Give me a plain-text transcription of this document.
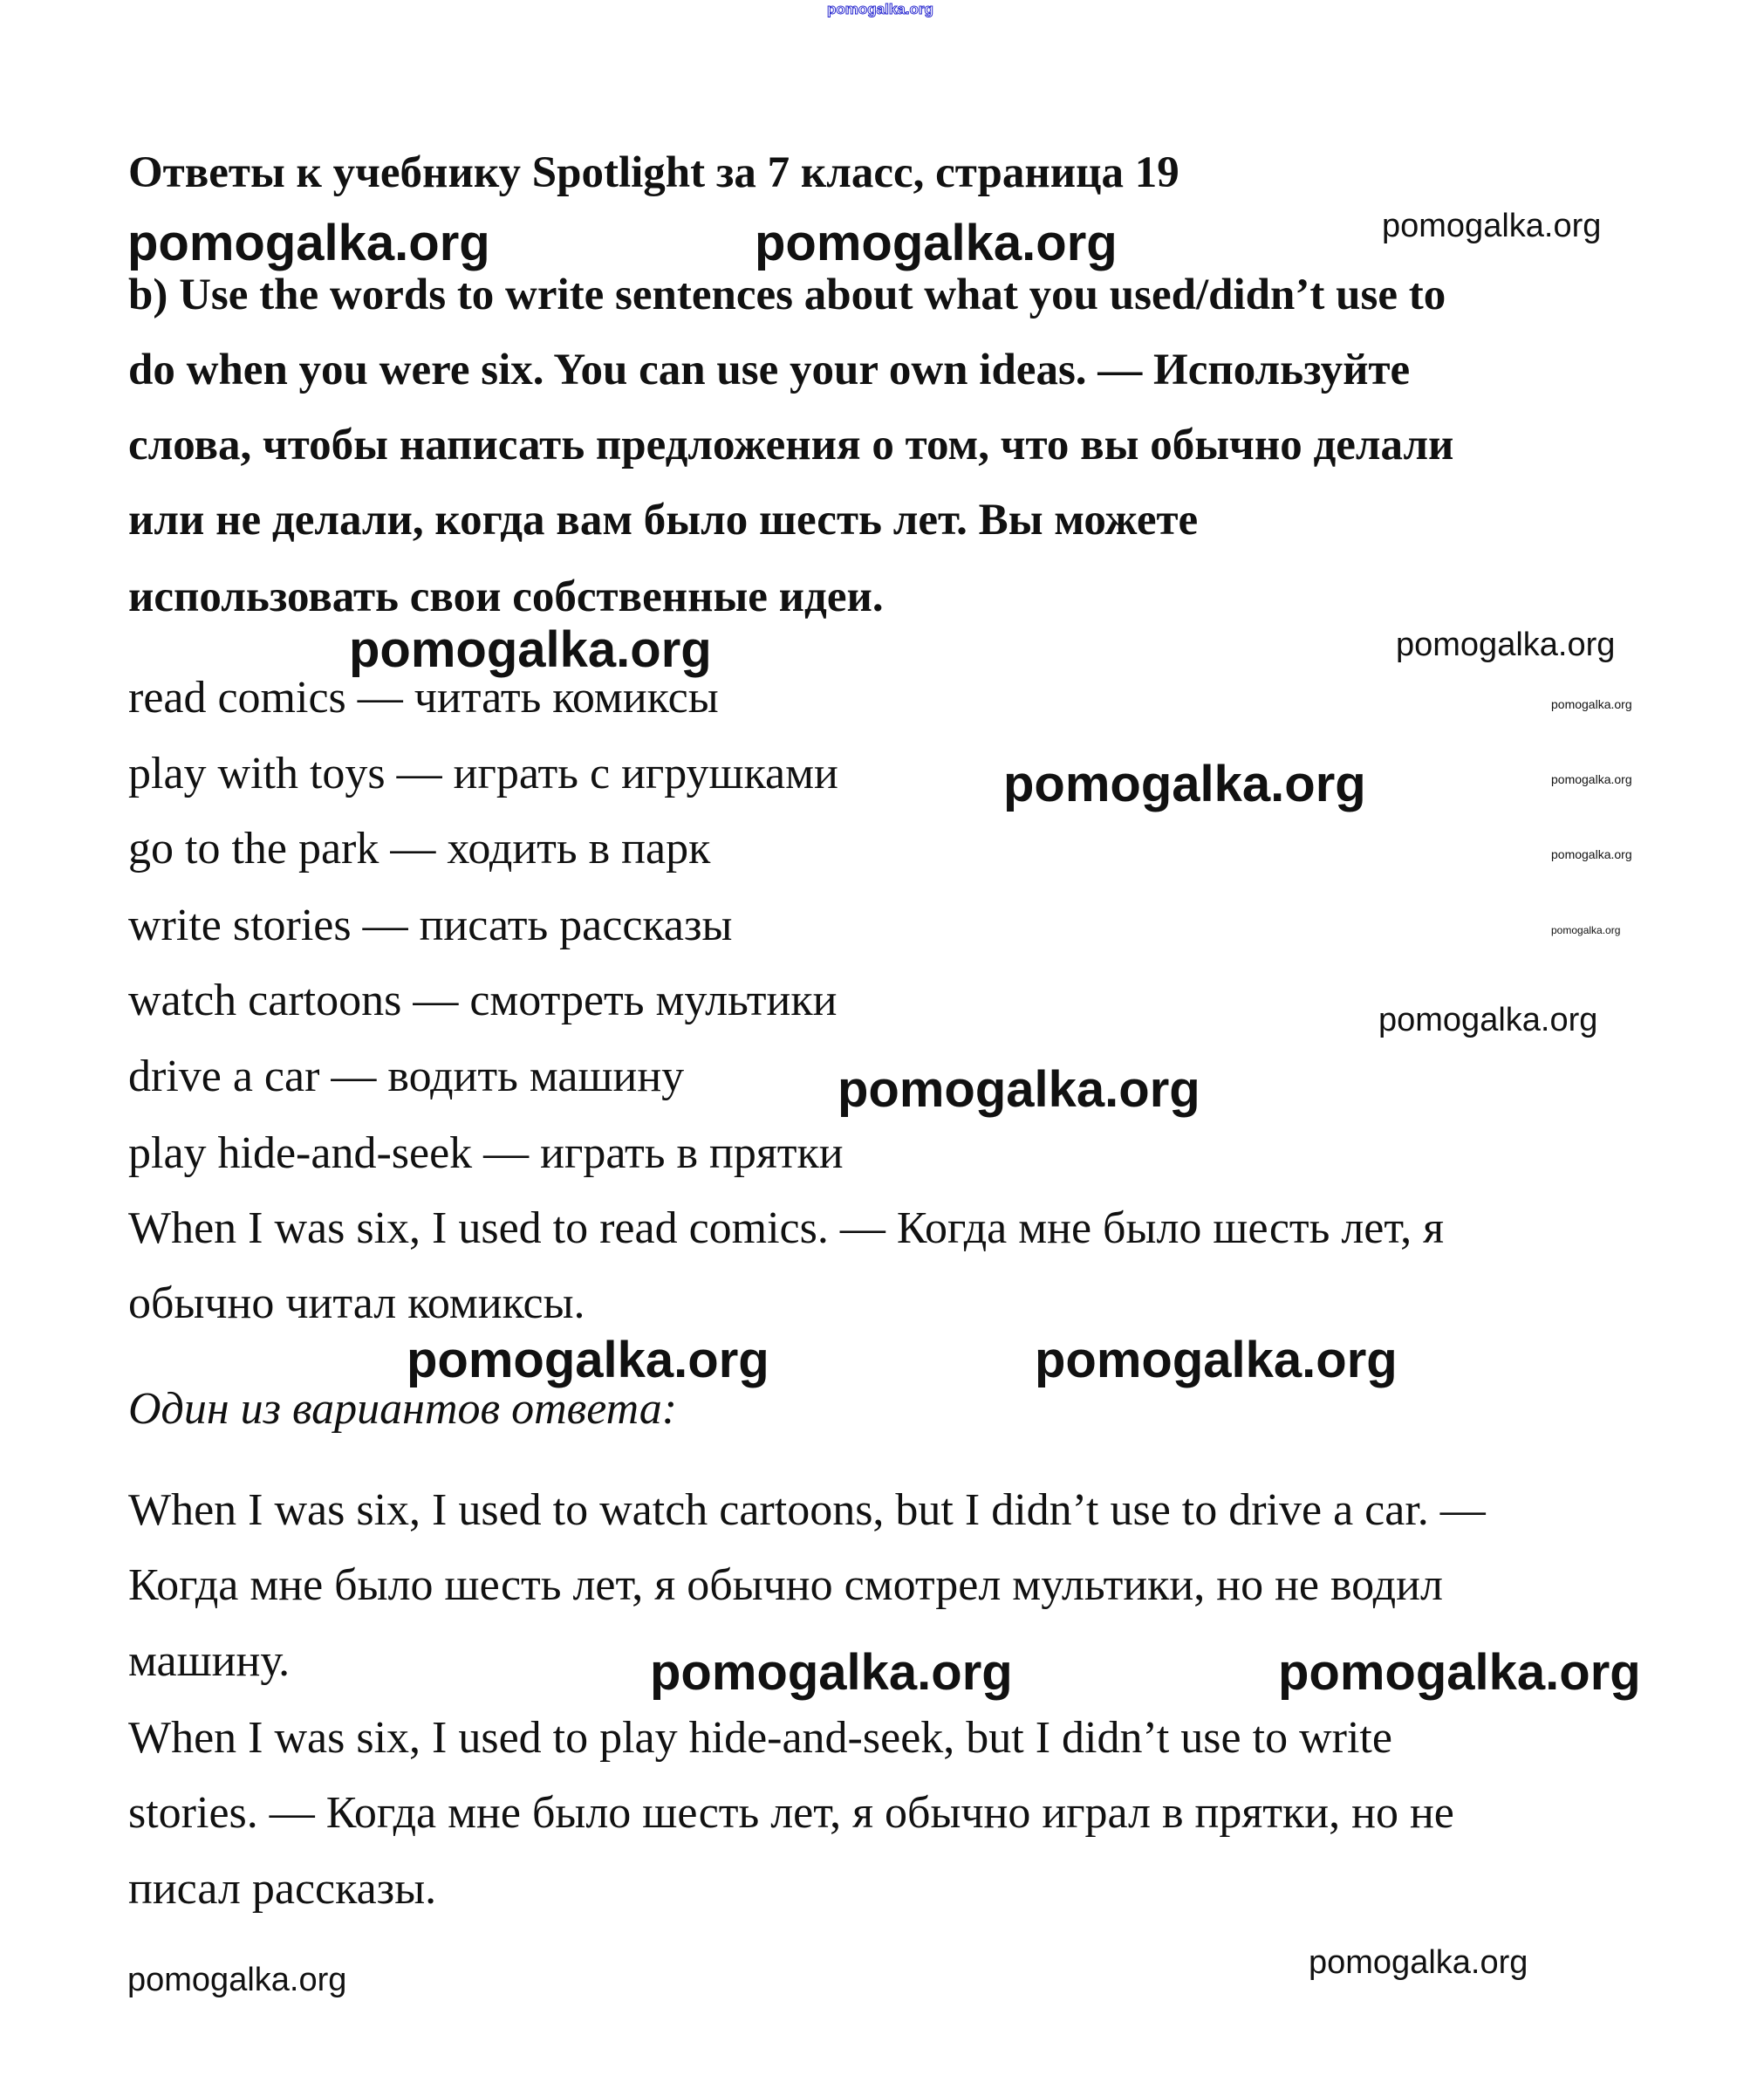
Ответы к учебнику Spotlight за 7 класс, страница 19
b) Use the words to write sentences about what you used/didn’t use to
do when you were six. You can use your own ideas. — Используйте
слова, чтобы написать предложения о том, что вы обычно делали
или не делали, когда вам было шесть лет. Вы можете
использовать свои собственные идеи.
read comics — читать комиксы
play with toys — играть с игрушками
go to the park — ходить в парк
write stories — писать рассказы
watch cartoons — смотреть мультики
drive a car — водить машину
play hide-and-seek — играть в прятки
When I was six, I used to read comics. — Когда мне было шесть лет, я
обычно читал комиксы.
Один из вариантов ответа:
When I was six, I used to watch cartoons, but I didn’t use to drive a car. —
Когда мне было шесть лет, я обычно смотрел мультики, но не водил
машину.
When I was six, I used to play hide-and-seek, but I didn’t use to write
stories. — Когда мне было шесть лет, я обычно играл в прятки, но не
писал рассказы.
pomogalka.org
pomogalka.org
pomogalka.org	pomogalka.org
pomogalka.org
pomogalka.org
pomogalka.org
pomogalka.org
pomogalka.org
pomogalka.org
pomogalka.org
pomogalka.org
pomogalka.org
pomogalka.org
pomogalka.org	pomogalka.org
pomogalka.org	pomogalka.org
pomogalka.org
